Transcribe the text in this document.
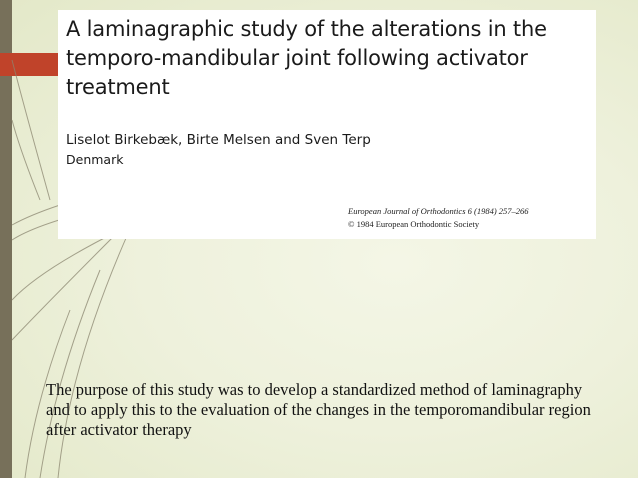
A laminagraphic study of the alterations in the temporo-mandibular joint following activator treatment
Liselot Birkebæk, Birte Melsen and Sven Terp
Denmark
European Journal of Orthodontics 6 (1984) 257–266
© 1984 European Orthodontic Society

The purpose of this study was to develop a standardized method of laminagraphy and to apply this to the evaluation of the changes in the temporomandibular region after activator therapy
